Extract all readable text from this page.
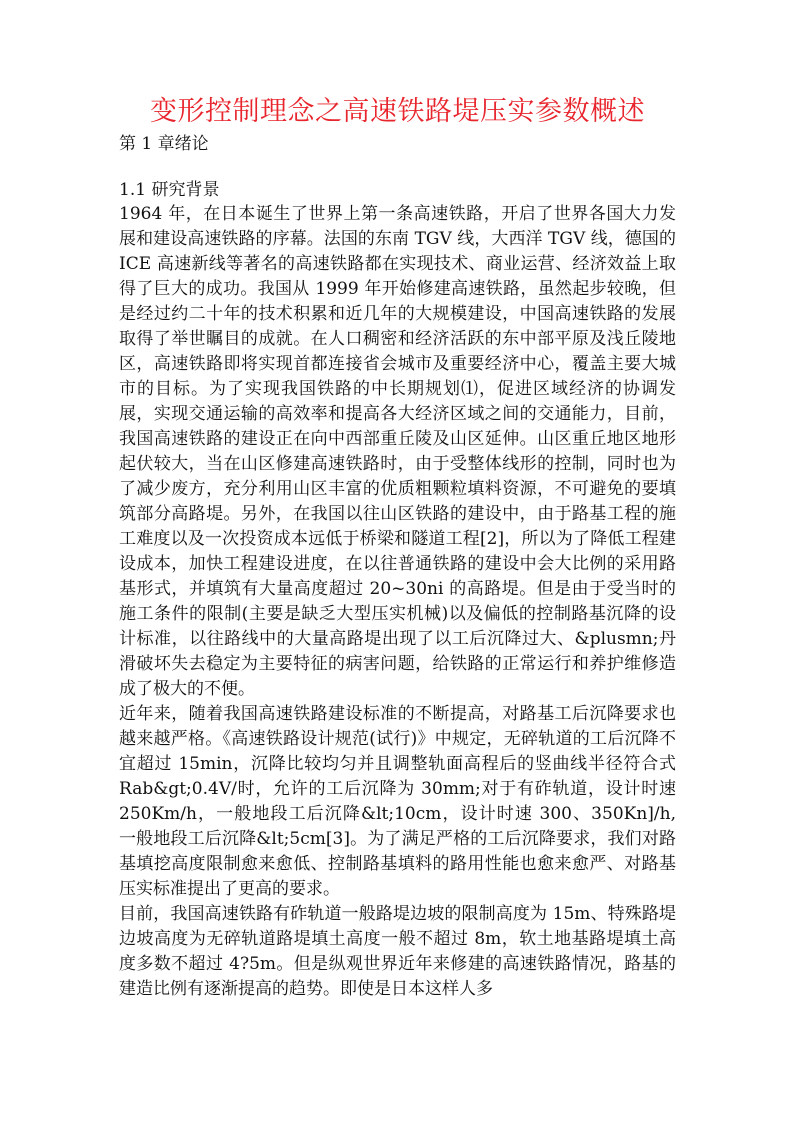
变形控制理念之高速铁路堤压实参数概述
第 1 章绪论
1.1 研究背景

1964 年，在日本诞生了世界上第一条高速铁路，开启了世界各国大力发展和建设高速铁路的序幕。法国的东南 TGV 线，大西洋 TGV 线，德国的 ICE 高速新线等著名的高速铁路都在实现技术、商业运营、经济效益上取得了巨大的成功。我国从 1999 年开始修建高速铁路，虽然起步较晚，但是经过约二十年的技术积累和近几年的大规模建设，中国高速铁路的发展取得了举世瞩目的成就。在人口稠密和经济活跃的东中部平原及浅丘陵地区，高速铁路即将实现首都连接省会城市及重要经济中心，覆盖主要大城市的目标。为了实现我国铁路的中长期规划⑴，促进区域经济的协调发展，实现交通运输的高效率和提高各大经济区域之间的交通能力，目前，我国高速铁路的建设正在向中西部重丘陵及山区延伸。山区重丘地区地形起伏较大，当在山区修建高速铁路时，由于受整体线形的控制，同时也为了减少废方，充分利用山区丰富的优质粗颗粒填料资源，不可避免的要填筑部分高路堤。另外，在我国以往山区铁路的建设中，由于路基工程的施工难度以及一次投资成本远低于桥梁和隧道工程[2]，所以为了降低工程建设成本，加快工程建设进度，在以往普通铁路的建设中会大比例的采用路基形式，并填筑有大量高度超过 20~30ni 的高路堤。但是由于受当时的施工条件的限制(主要是缺乏大型压实机械)以及偏低的控制路基沉降的设计标准，以往路线中的大量高路堤出现了以工后沉降过大、&plusmn;丹滑破坏失去稳定为主要特征的病害问题，给铁路的正常运行和养护维修造成了极大的不便。

近年来，随着我国高速铁路建设标准的不断提高，对路基工后沉降要求也越来越严格。《高速铁路设计规范(试行)》中规定，无碎轨道的工后沉降不宜超过 15min，沉降比较均匀并且调整轨面高程后的竖曲线半径符合式 Rab&gt;0.4V/时，允许的工后沉降为 30mm;对于有砟轨道，设计时速 250Km/h，一般地段工后沉降&lt;10cm，设计时速 300、350Kn]/h, 一般地段工后沉降&lt;5cm[3]。为了满足严格的工后沉降要求，我们对路基填挖高度限制愈来愈低、控制路基填料的路用性能也愈来愈严、对路基压实标准提出了更高的要求。

目前，我国高速铁路有砟轨道一般路堤边坡的限制高度为 15m、特殊路堤边坡高度为无碎轨道路堤填土高度一般不超过 8m，软土地基路堤填土高度多数不超过 4?5m。但是纵观世界近年来修建的高速铁路情况，路基的建造比例有逐渐提高的趋势。即使是日本这样人多
